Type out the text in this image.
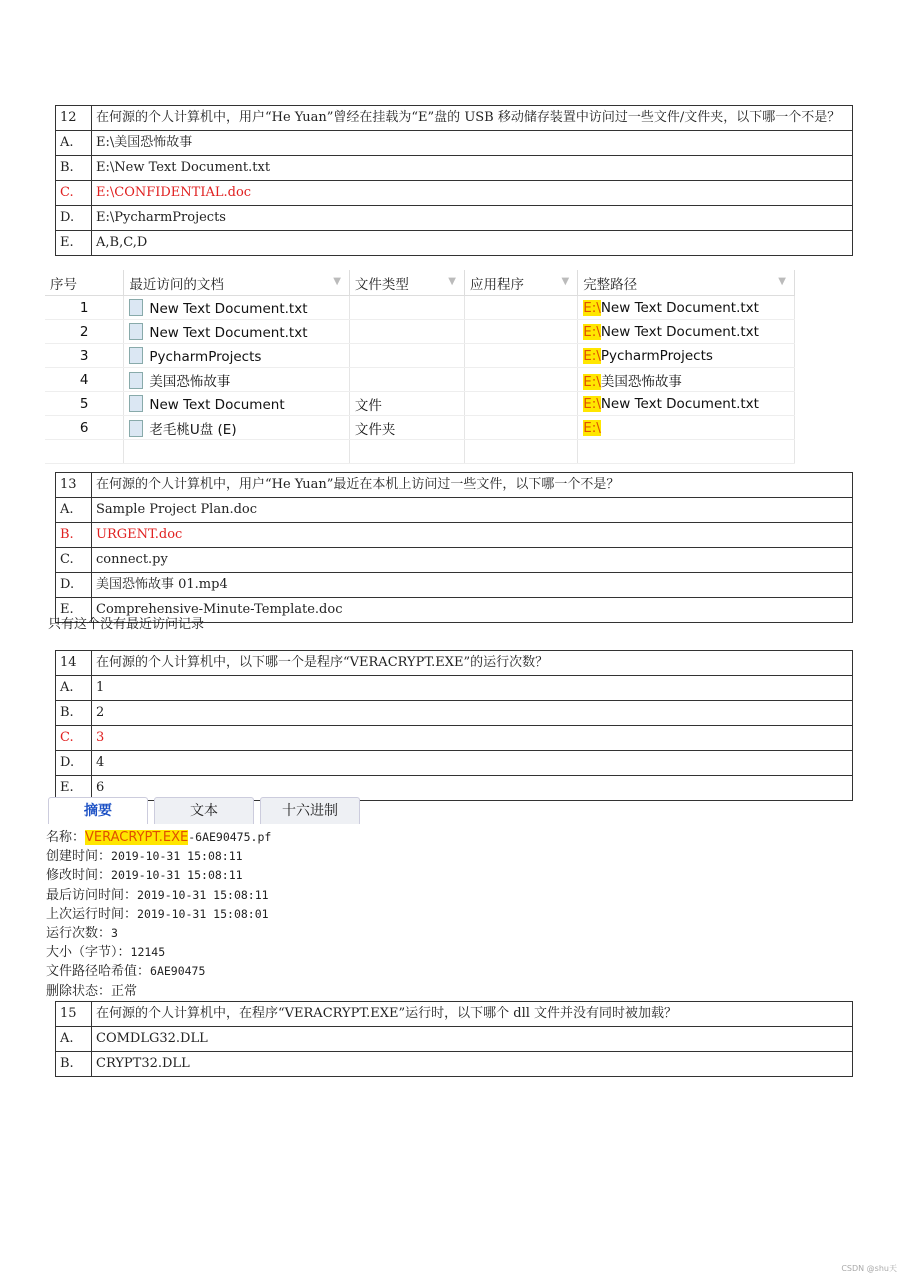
12	在何源的个人计算机中，用户“He Yuan”曾经在挂载为“E”盘的 USB 移动储存装置中访问过一些文件/文件夹，以下哪一个不是？
A.	E:\美国恐怖故事
B.	E:\New Text Document.txt
C.	E:\CONFIDENTIAL.doc
D.	E:\PycharmProjects
E.	A,B,C,D
序号	最近访问的文档 ▼	文件类型 ▼	应用程序 ▼	完整路径 ▼

1	New Text Document.txt			E:\New Text Document.txt
2	New Text Document.txt			E:\New Text Document.txt
3	PycharmProjects			E:\PycharmProjects
4	美国恐怖故事			E:\美国恐怖故事
5	New Text Document	文件		E:\New Text Document.txt
6	老毛桃U盘 (E)	文件夹		E:\

13	在何源的个人计算机中，用户“He Yuan”最近在本机上访问过一些文件，以下哪一个不是？
A.	Sample Project Plan.doc
B.	URGENT.doc
C.	connect.py
D.	美国恐怖故事 01.mp4
E.	Comprehensive-Minute-Template.doc
只有这个没有最近访问记录
14	在何源的个人计算机中，以下哪一个是程序“VERACRYPT.EXE”的运行次数？
A.	1
B.	2
C.	3
D.	4
E.	6
摘要	文本	十六进制
名称：VERACRYPT.EXE-6AE90475.pf
创建时间：2019-10-31 15:08:11
修改时间：2019-10-31 15:08:11
最后访问时间：2019-10-31 15:08:11
上次运行时间：2019-10-31 15:08:01
运行次数：3
大小（字节）：12145
文件路径哈希值：6AE90475
删除状态：正常
15	在何源的个人计算机中，在程序“VERACRYPT.EXE”运行时，以下哪个 dll 文件并没有同时被加载？
A.	COMDLG32.DLL
B.	CRYPT32.DLL
CSDN @shu天
